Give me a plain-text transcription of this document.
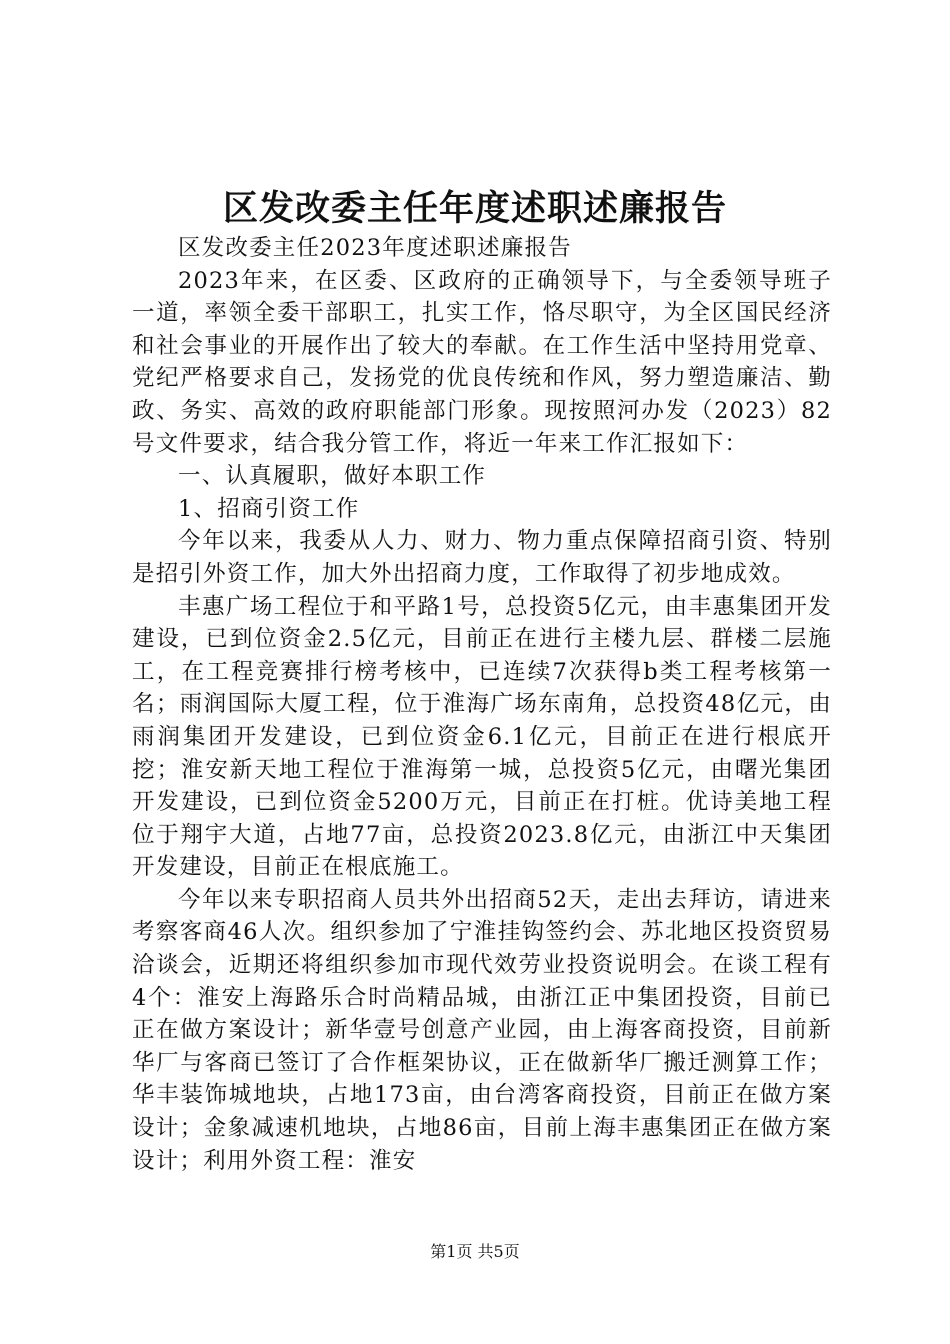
区发改委主任年度述职述廉报告

区发改委主任2023年度述职述廉报告

2023年来，在区委、区政府的正确领导下，与全委领导班子一道，率领全委干部职工，扎实工作，恪尽职守，为全区国民经济和社会事业的开展作出了较大的奉献。在工作生活中坚持用党章、党纪严格要求自己，发扬党的优良传统和作风，努力塑造廉洁、勤政、务实、高效的政府职能部门形象。现按照河办发（2023）82号文件要求，结合我分管工作，将近一年来工作汇报如下：

一、认真履职，做好本职工作

1、招商引资工作

今年以来，我委从人力、财力、物力重点保障招商引资、特别是招引外资工作，加大外出招商力度，工作取得了初步地成效。

丰惠广场工程位于和平路1号，总投资5亿元，由丰惠集团开发建设，已到位资金2.5亿元，目前正在进行主楼九层、群楼二层施工，在工程竞赛排行榜考核中，已连续7次获得b类工程考核第一名；雨润国际大厦工程，位于淮海广场东南角，总投资48亿元，由雨润集团开发建设，已到位资金6.1亿元，目前正在进行根底开挖；淮安新天地工程位于淮海第一城，总投资5亿元，由曙光集团开发建设，已到位资金5200万元，目前正在打桩。优诗美地工程位于翔宇大道，占地77亩，总投资2023.8亿元，由浙江中天集团开发建设，目前正在根底施工。

今年以来专职招商人员共外出招商52天，走出去拜访，请进来考察客商46人次。组织参加了宁淮挂钩签约会、苏北地区投资贸易洽谈会，近期还将组织参加市现代效劳业投资说明会。在谈工程有4个：淮安上海路乐合时尚精品城，由浙江正中集团投资，目前已正在做方案设计；新华壹号创意产业园，由上海客商投资，目前新华厂与客商已签订了合作框架协议，正在做新华厂搬迁测算工作；华丰装饰城地块，占地173亩，由台湾客商投资，目前正在做方案设计；金象减速机地块，占地86亩，目前上海丰惠集团正在做方案设计；利用外资工程：淮安

第1页 共5页
